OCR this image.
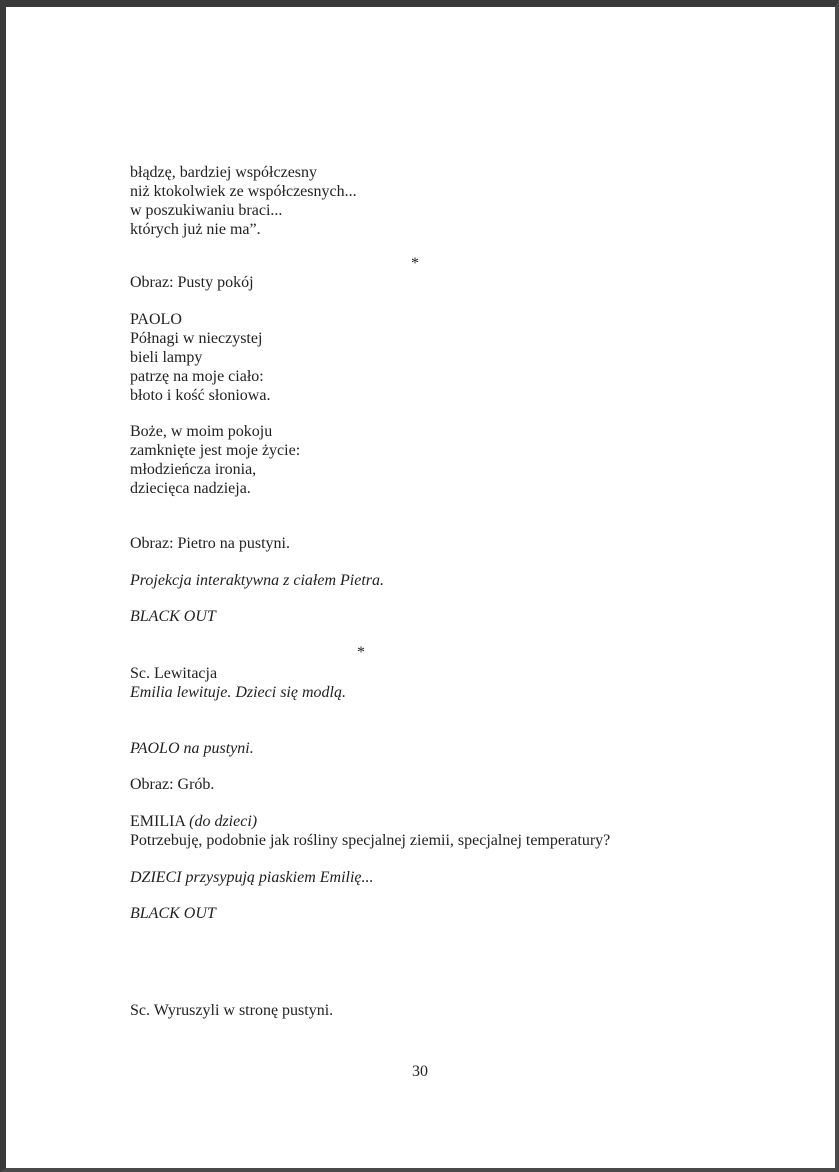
błądzę, bardziej współczesny
niż ktokolwiek ze współczesnych...
w poszukiwaniu braci...
których już nie ma”.
*
Obraz: Pusty pokój
PAOLO
Półnagi w nieczystej
bieli lampy
patrzę na moje ciało:
błoto i kość słoniowa.
Boże, w moim pokoju
zamknięte jest moje życie:
młodzieńcza ironia,
dziecięca nadzieja.
Obraz: Pietro na pustyni.
Projekcja interaktywna z ciałem Pietra.
BLACK OUT
*
Sc. Lewitacja
Emilia lewituje. Dzieci się modlą.
PAOLO na pustyni.
Obraz: Grób.
EMILIA (do dzieci)
Potrzebuję, podobnie jak rośliny specjalnej ziemii, specjalnej temperatury?
DZIECI przysypują piaskiem Emilię...
BLACK OUT
Sc. Wyruszyli w stronę pustyni.
30
